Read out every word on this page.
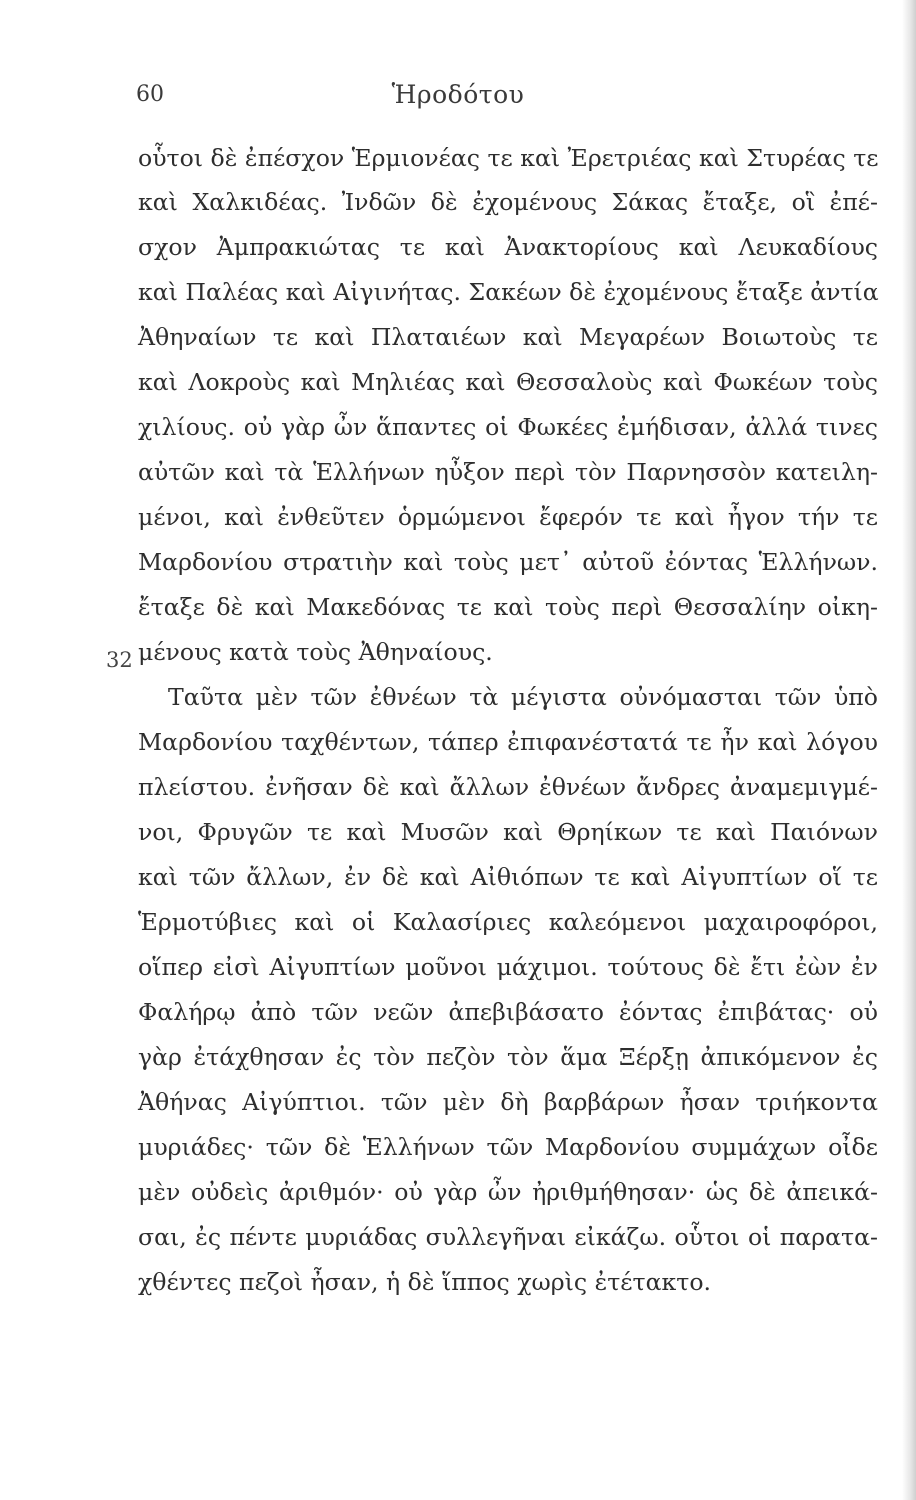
60	Ἡροδότου
οὗτοι δὲ ἐπέσχον Ἑρμιονέας τε καὶ Ἐρετριέας καὶ Στυρέας τε
καὶ Χαλκιδέας. Ἰνδῶν δὲ ἐχομένους Σάκας ἔταξε, οἳ ἐπέ-
σχον Ἀμπρακιώτας τε καὶ Ἀνακτορίους καὶ Λευκαδίους
καὶ Παλέας καὶ Αἰγινήτας. Σακέων δὲ ἐχομένους ἔταξε ἀντία
Ἀθηναίων τε καὶ Πλαταιέων καὶ Μεγαρέων Βοιωτοὺς τε
καὶ Λοκροὺς καὶ Μηλιέας καὶ Θεσσαλοὺς καὶ Φωκέων τοὺς
χιλίους. οὐ γὰρ ὦν ἅπαντες οἱ Φωκέες ἐμήδισαν, ἀλλά τινες
αὐτῶν καὶ τὰ Ἑλλήνων ηὖξον περὶ τὸν Παρνησσὸν κατειλη-
μένοι, καὶ ἐνθεῦτεν ὁρμώμενοι ἔφερόν τε καὶ ἦγον τήν τε
Μαρδονίου στρατιὴν καὶ τοὺς μετ᾽ αὐτοῦ ἐόντας Ἑλλήνων.
ἔταξε δὲ καὶ Μακεδόνας τε καὶ τοὺς περὶ Θεσσαλίην οἰκη-
μένους κατὰ τοὺς Ἀθηναίους.
32
Ταῦτα μὲν τῶν ἐθνέων τὰ μέγιστα οὐνόμασται τῶν ὑπὸ
Μαρδονίου ταχθέντων, τάπερ ἐπιφανέστατά τε ἦν καὶ λόγου
πλείστου. ἐνῆσαν δὲ καὶ ἄλλων ἐθνέων ἄνδρες ἀναμεμιγμέ-
νοι, Φρυγῶν τε καὶ Μυσῶν καὶ Θρηίκων τε καὶ Παιόνων
καὶ τῶν ἄλλων, ἐν δὲ καὶ Αἰθιόπων τε καὶ Αἰγυπτίων οἵ τε
Ἑρμοτύβιες καὶ οἱ Καλασίριες καλεόμενοι μαχαιροφόροι,
οἵπερ εἰσὶ Αἰγυπτίων μοῦνοι μάχιμοι. τούτους δὲ ἔτι ἐὼν ἐν
Φαλήρῳ ἀπὸ τῶν νεῶν ἀπεβιβάσατο ἐόντας ἐπιβάτας· οὐ
γὰρ ἐτάχθησαν ἐς τὸν πεζὸν τὸν ἅμα Ξέρξῃ ἀπικόμενον ἐς
Ἀθήνας Αἰγύπτιοι. τῶν μὲν δὴ βαρβάρων ἦσαν τριήκοντα
μυριάδες· τῶν δὲ Ἑλλήνων τῶν Μαρδονίου συμμάχων οἶδε
μὲν οὐδεὶς ἀριθμόν· οὐ γὰρ ὦν ἠριθμήθησαν· ὡς δὲ ἀπεικά-
σαι, ἐς πέντε μυριάδας συλλεγῆναι εἰκάζω. οὗτοι οἱ παρατα-
χθέντες πεζοὶ ἦσαν, ἡ δὲ ἵππος χωρὶς ἐτέτακτο.
